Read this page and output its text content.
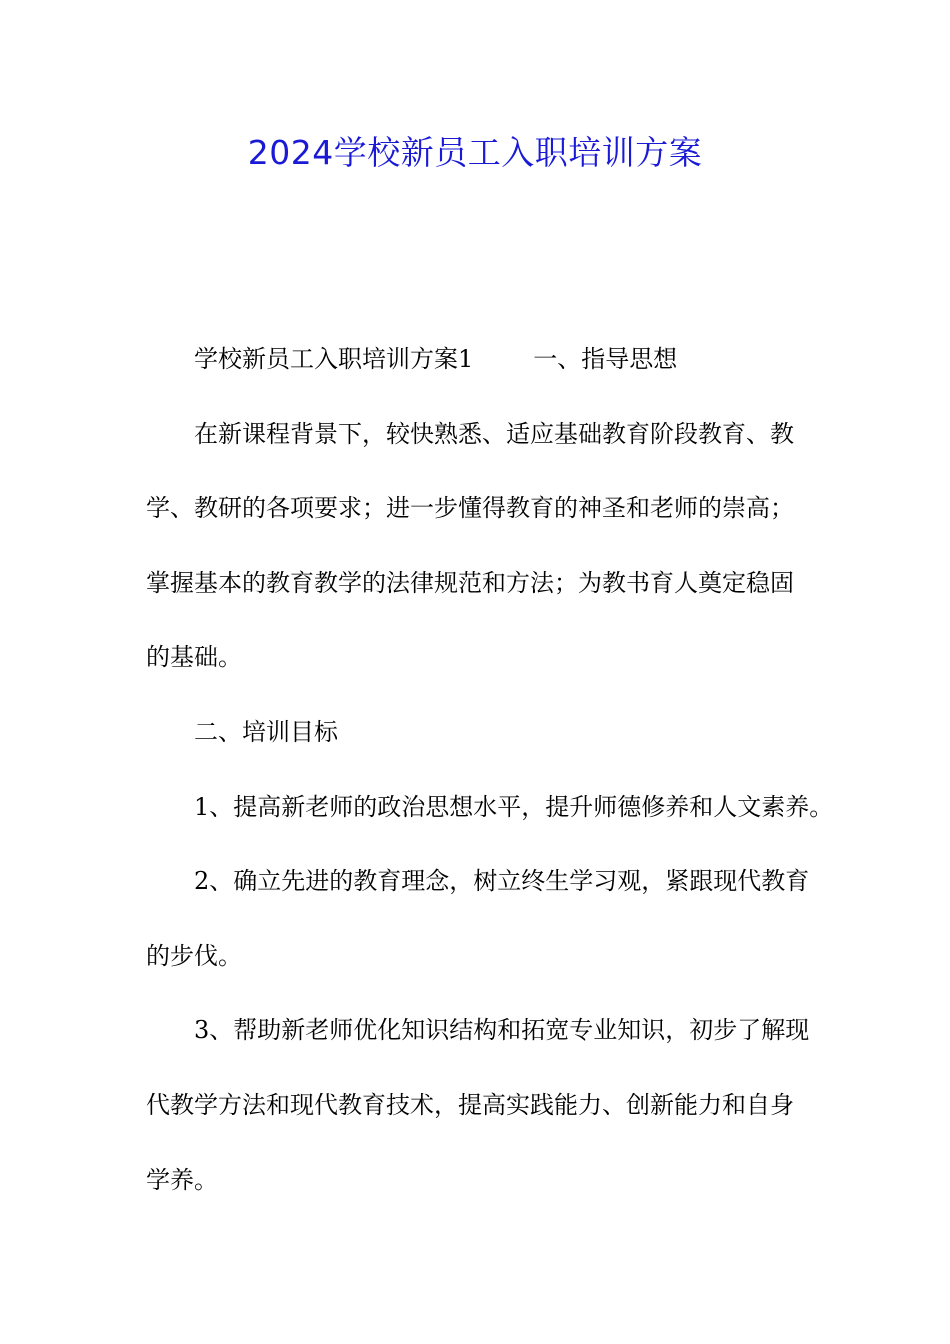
2024学校新员工入职培训方案

学校新员工入职培训方案1	一、指导思想

在新课程背景下，较快熟悉、适应基础教育阶段教育、教

学、教研的各项要求；进一步懂得教育的神圣和老师的崇高；

掌握基本的教育教学的法律规范和方法；为教书育人奠定稳固

的基础。

二、培训目标

1、提高新老师的政治思想水平，提升师德修养和人文素养。

2、确立先进的教育理念，树立终生学习观，紧跟现代教育

的步伐。

3、帮助新老师优化知识结构和拓宽专业知识，初步了解现

代教学方法和现代教育技术，提高实践能力、创新能力和自身

学养。
